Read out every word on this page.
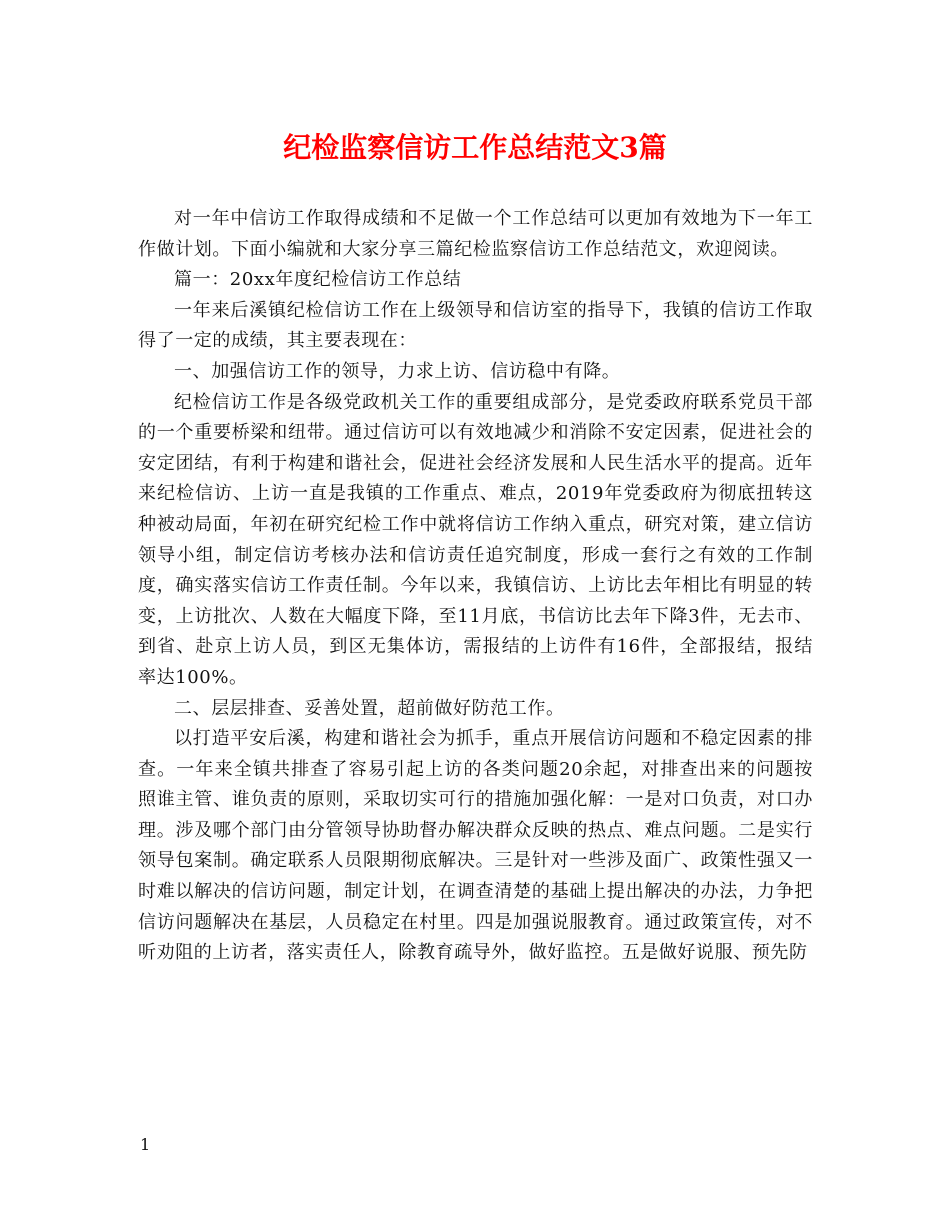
纪检监察信访工作总结范文3篇

对一年中信访工作取得成绩和不足做一个工作总结可以更加有效地为下一年工作做计划。下面小编就和大家分享三篇纪检监察信访工作总结范文，欢迎阅读。

篇一：20xx年度纪检信访工作总结

一年来后溪镇纪检信访工作在上级领导和信访室的指导下，我镇的信访工作取得了一定的成绩，其主要表现在：

一、加强信访工作的领导，力求上访、信访稳中有降。

纪检信访工作是各级党政机关工作的重要组成部分，是党委政府联系党员干部的一个重要桥梁和纽带。通过信访可以有效地减少和消除不安定因素，促进社会的安定团结，有利于构建和谐社会，促进社会经济发展和人民生活水平的提高。近年来纪检信访、上访一直是我镇的工作重点、难点，2019年党委政府为彻底扭转这种被动局面，年初在研究纪检工作中就将信访工作纳入重点，研究对策，建立信访领导小组，制定信访考核办法和信访责任追究制度，形成一套行之有效的工作制度，确实落实信访工作责任制。今年以来，我镇信访、上访比去年相比有明显的转变，上访批次、人数在大幅度下降，至11月底，书信访比去年下降3件，无去市、到省、赴京上访人员，到区无集体访，需报结的上访件有16件，全部报结，报结率达100%。

二、层层排查、妥善处置，超前做好防范工作。

以打造平安后溪，构建和谐社会为抓手，重点开展信访问题和不稳定因素的排查。一年来全镇共排查了容易引起上访的各类问题20余起，对排查出来的问题按照谁主管、谁负责的原则，采取切实可行的措施加强化解：一是对口负责，对口办理。涉及哪个部门由分管领导协助督办解决群众反映的热点、难点问题。二是实行领导包案制。确定联系人员限期彻底解决。三是针对一些涉及面广、政策性强又一时难以解决的信访问题，制定计划，在调查清楚的基础上提出解决的办法，力争把信访问题解决在基层，人员稳定在村里。四是加强说服教育。通过政策宣传，对不听劝阻的上访者，落实责任人，除教育疏导外，做好监控。五是做好说服、预先防

1
